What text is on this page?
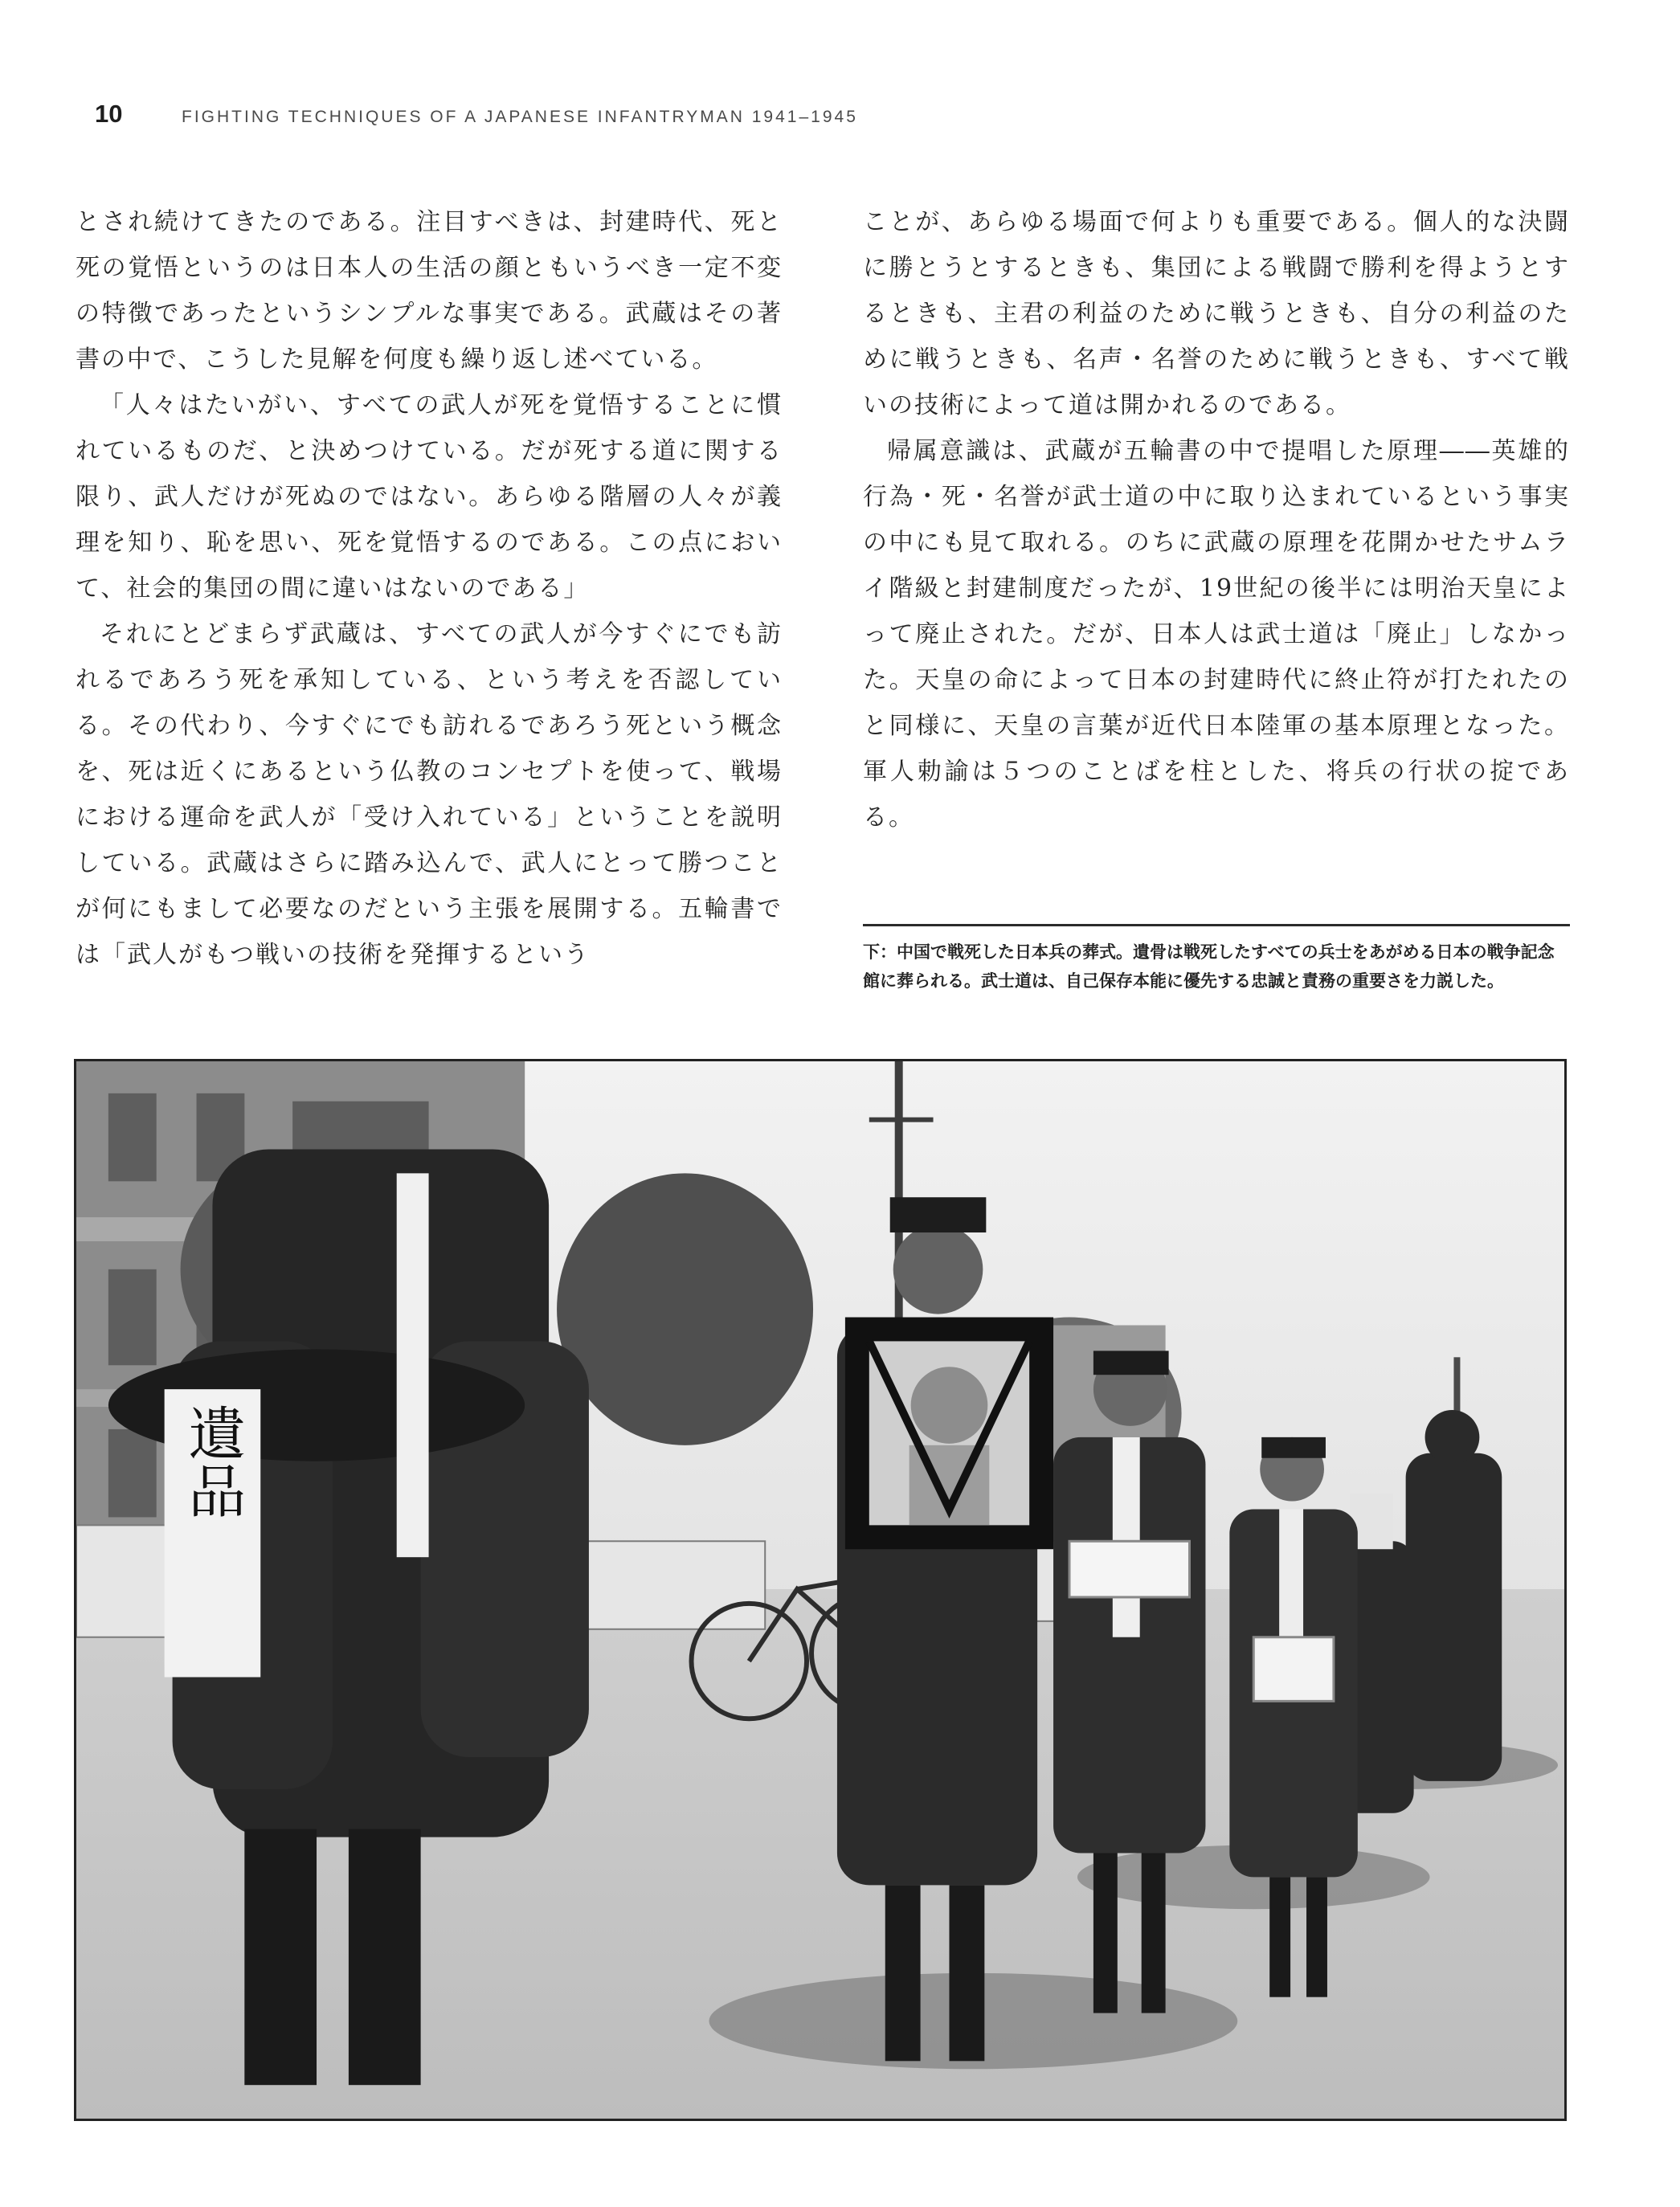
10	FIGHTING TECHNIQUES OF A JAPANESE INFANTRYMAN 1941–1945

とされ続けてきたのである。注目すべきは、封建時代、死と死の覚悟というのは日本人の生活の顔ともいうべき一定不変の特徴であったというシンプルな事実である。武蔵はその著書の中で、こうした見解を何度も繰り返し述べている。

「人々はたいがい、すべての武人が死を覚悟することに慣れているものだ、と決めつけている。だが死する道に関する限り、武人だけが死ぬのではない。あらゆる階層の人々が義理を知り、恥を思い、死を覚悟するのである。この点において、社会的集団の間に違いはないのである」

それにとどまらず武蔵は、すべての武人が今すぐにでも訪れるであろう死を承知している、という考えを否認している。その代わり、今すぐにでも訪れるであろう死という概念を、死は近くにあるという仏教のコンセプトを使って、戦場における運命を武人が「受け入れている」ということを説明している。武蔵はさらに踏み込んで、武人にとって勝つことが何にもまして必要なのだという主張を展開する。五輪書では「武人がもつ戦いの技術を発揮するという

ことが、あらゆる場面で何よりも重要である。個人的な決闘に勝とうとするときも、集団による戦闘で勝利を得ようとするときも、主君の利益のために戦うときも、自分の利益のために戦うときも、名声・名誉のために戦うときも、すべて戦いの技術によって道は開かれるのである。

帰属意識は、武蔵が五輪書の中で提唱した原理――英雄的行為・死・名誉が武士道の中に取り込まれているという事実の中にも見て取れる。のちに武蔵の原理を花開かせたサムライ階級と封建制度だったが、19世紀の後半には明治天皇によって廃止された。だが、日本人は武士道は「廃止」しなかった。天皇の命によって日本の封建時代に終止符が打たれたのと同様に、天皇の言葉が近代日本陸軍の基本原理となった。軍人勅諭は５つのことばを柱とした、将兵の行状の掟である。

下：中国で戦死した日本兵の葬式。遺骨は戦死したすべての兵士をあがめる日本の戦争記念館に葬られる。武士道は、自己保存本能に優先する忠誠と責務の重要さを力説した。
遺品
